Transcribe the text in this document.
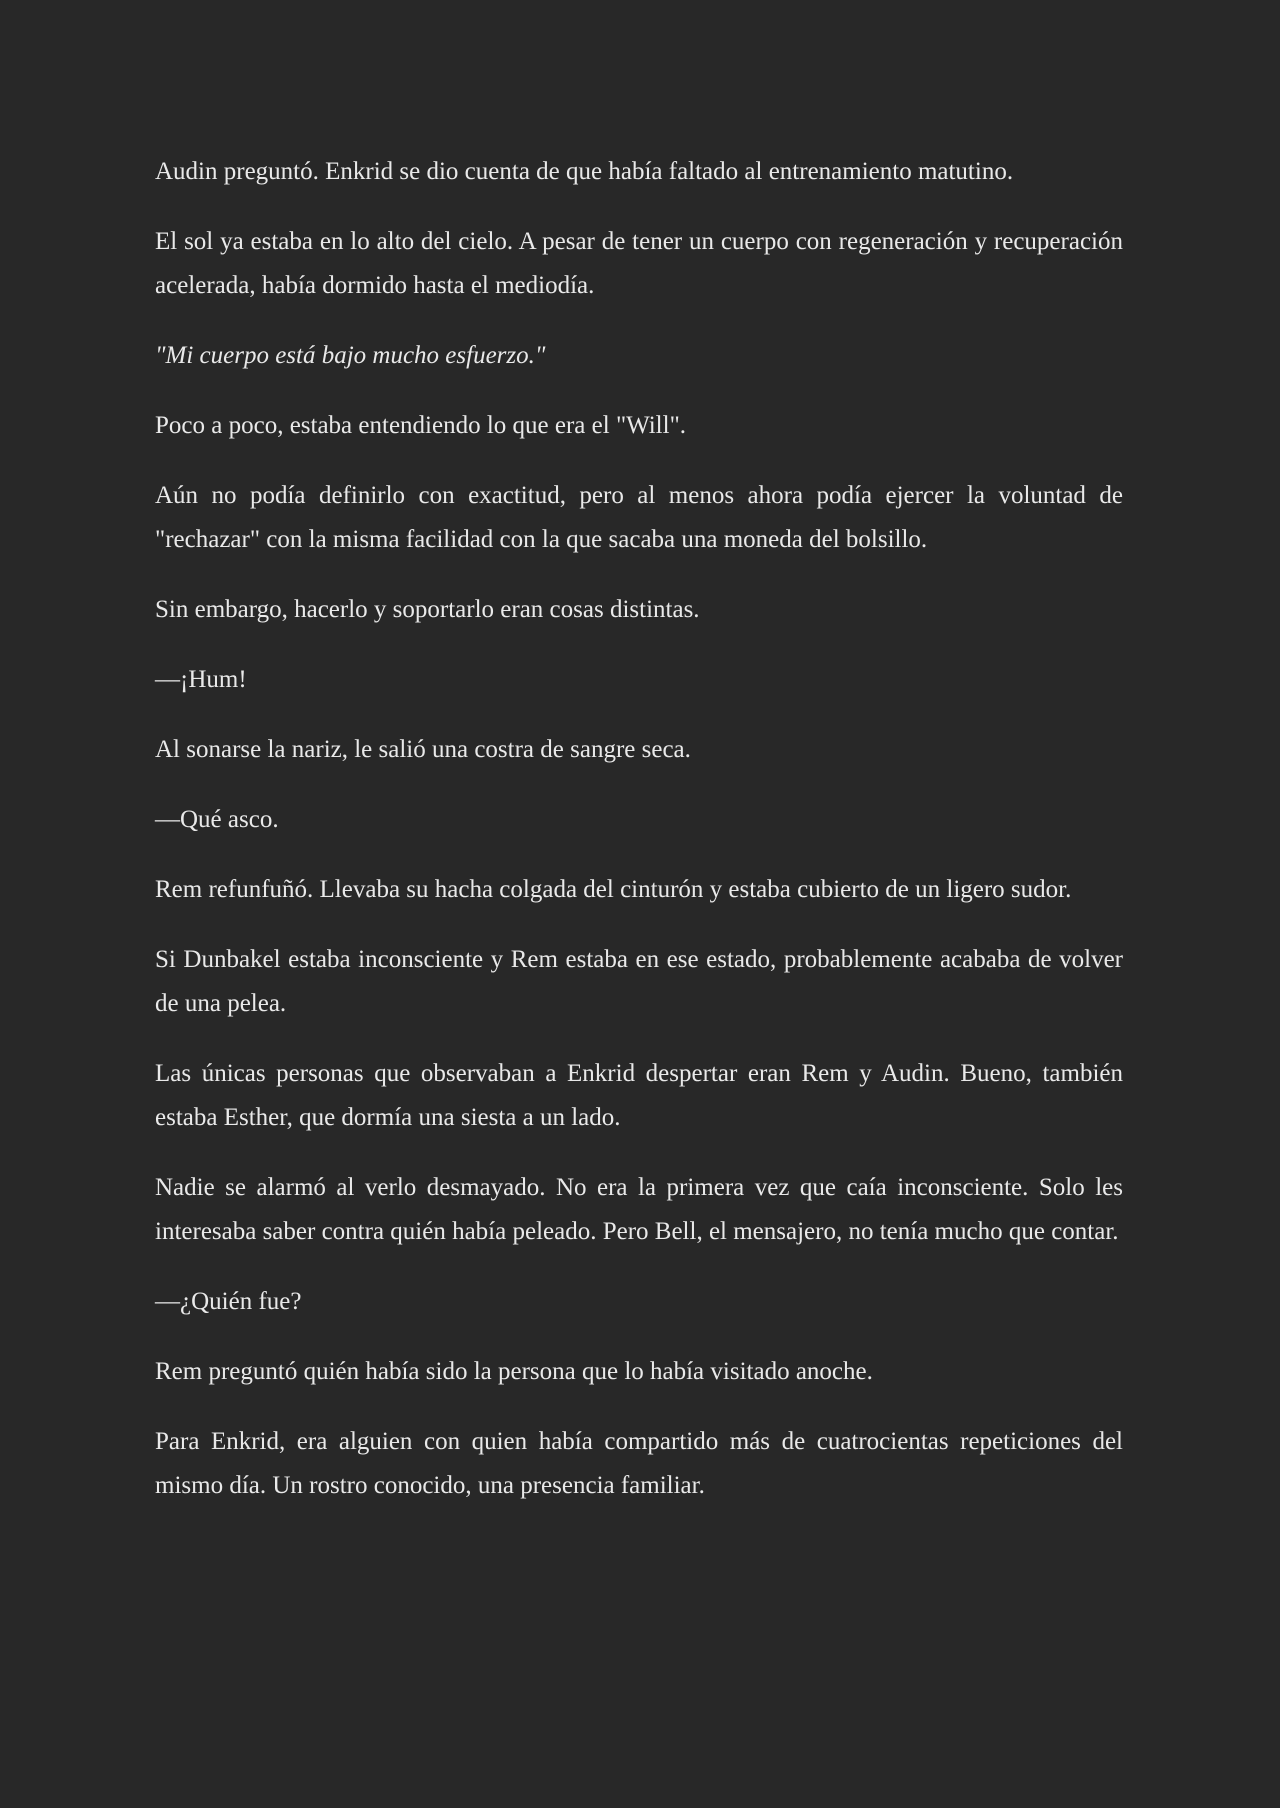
Audin preguntó. Enkrid se dio cuenta de que había faltado al entrenamiento matutino.

El sol ya estaba en lo alto del cielo. A pesar de tener un cuerpo con regeneración y recuperación acelerada, había dormido hasta el mediodía.

"Mi cuerpo está bajo mucho esfuerzo."

Poco a poco, estaba entendiendo lo que era el "Will".

Aún no podía definirlo con exactitud, pero al menos ahora podía ejercer la voluntad de "rechazar" con la misma facilidad con la que sacaba una moneda del bolsillo.

Sin embargo, hacerlo y soportarlo eran cosas distintas.

—¡Hum!

Al sonarse la nariz, le salió una costra de sangre seca.

—Qué asco.

Rem refunfuñó. Llevaba su hacha colgada del cinturón y estaba cubierto de un ligero sudor.

Si Dunbakel estaba inconsciente y Rem estaba en ese estado, probablemente acababa de volver de una pelea.

Las únicas personas que observaban a Enkrid despertar eran Rem y Audin. Bueno, también estaba Esther, que dormía una siesta a un lado.

Nadie se alarmó al verlo desmayado. No era la primera vez que caía inconsciente. Solo les interesaba saber contra quién había peleado. Pero Bell, el mensajero, no tenía mucho que contar.

—¿Quién fue?

Rem preguntó quién había sido la persona que lo había visitado anoche.

Para Enkrid, era alguien con quien había compartido más de cuatrocientas repeticiones del mismo día. Un rostro conocido, una presencia familiar.
